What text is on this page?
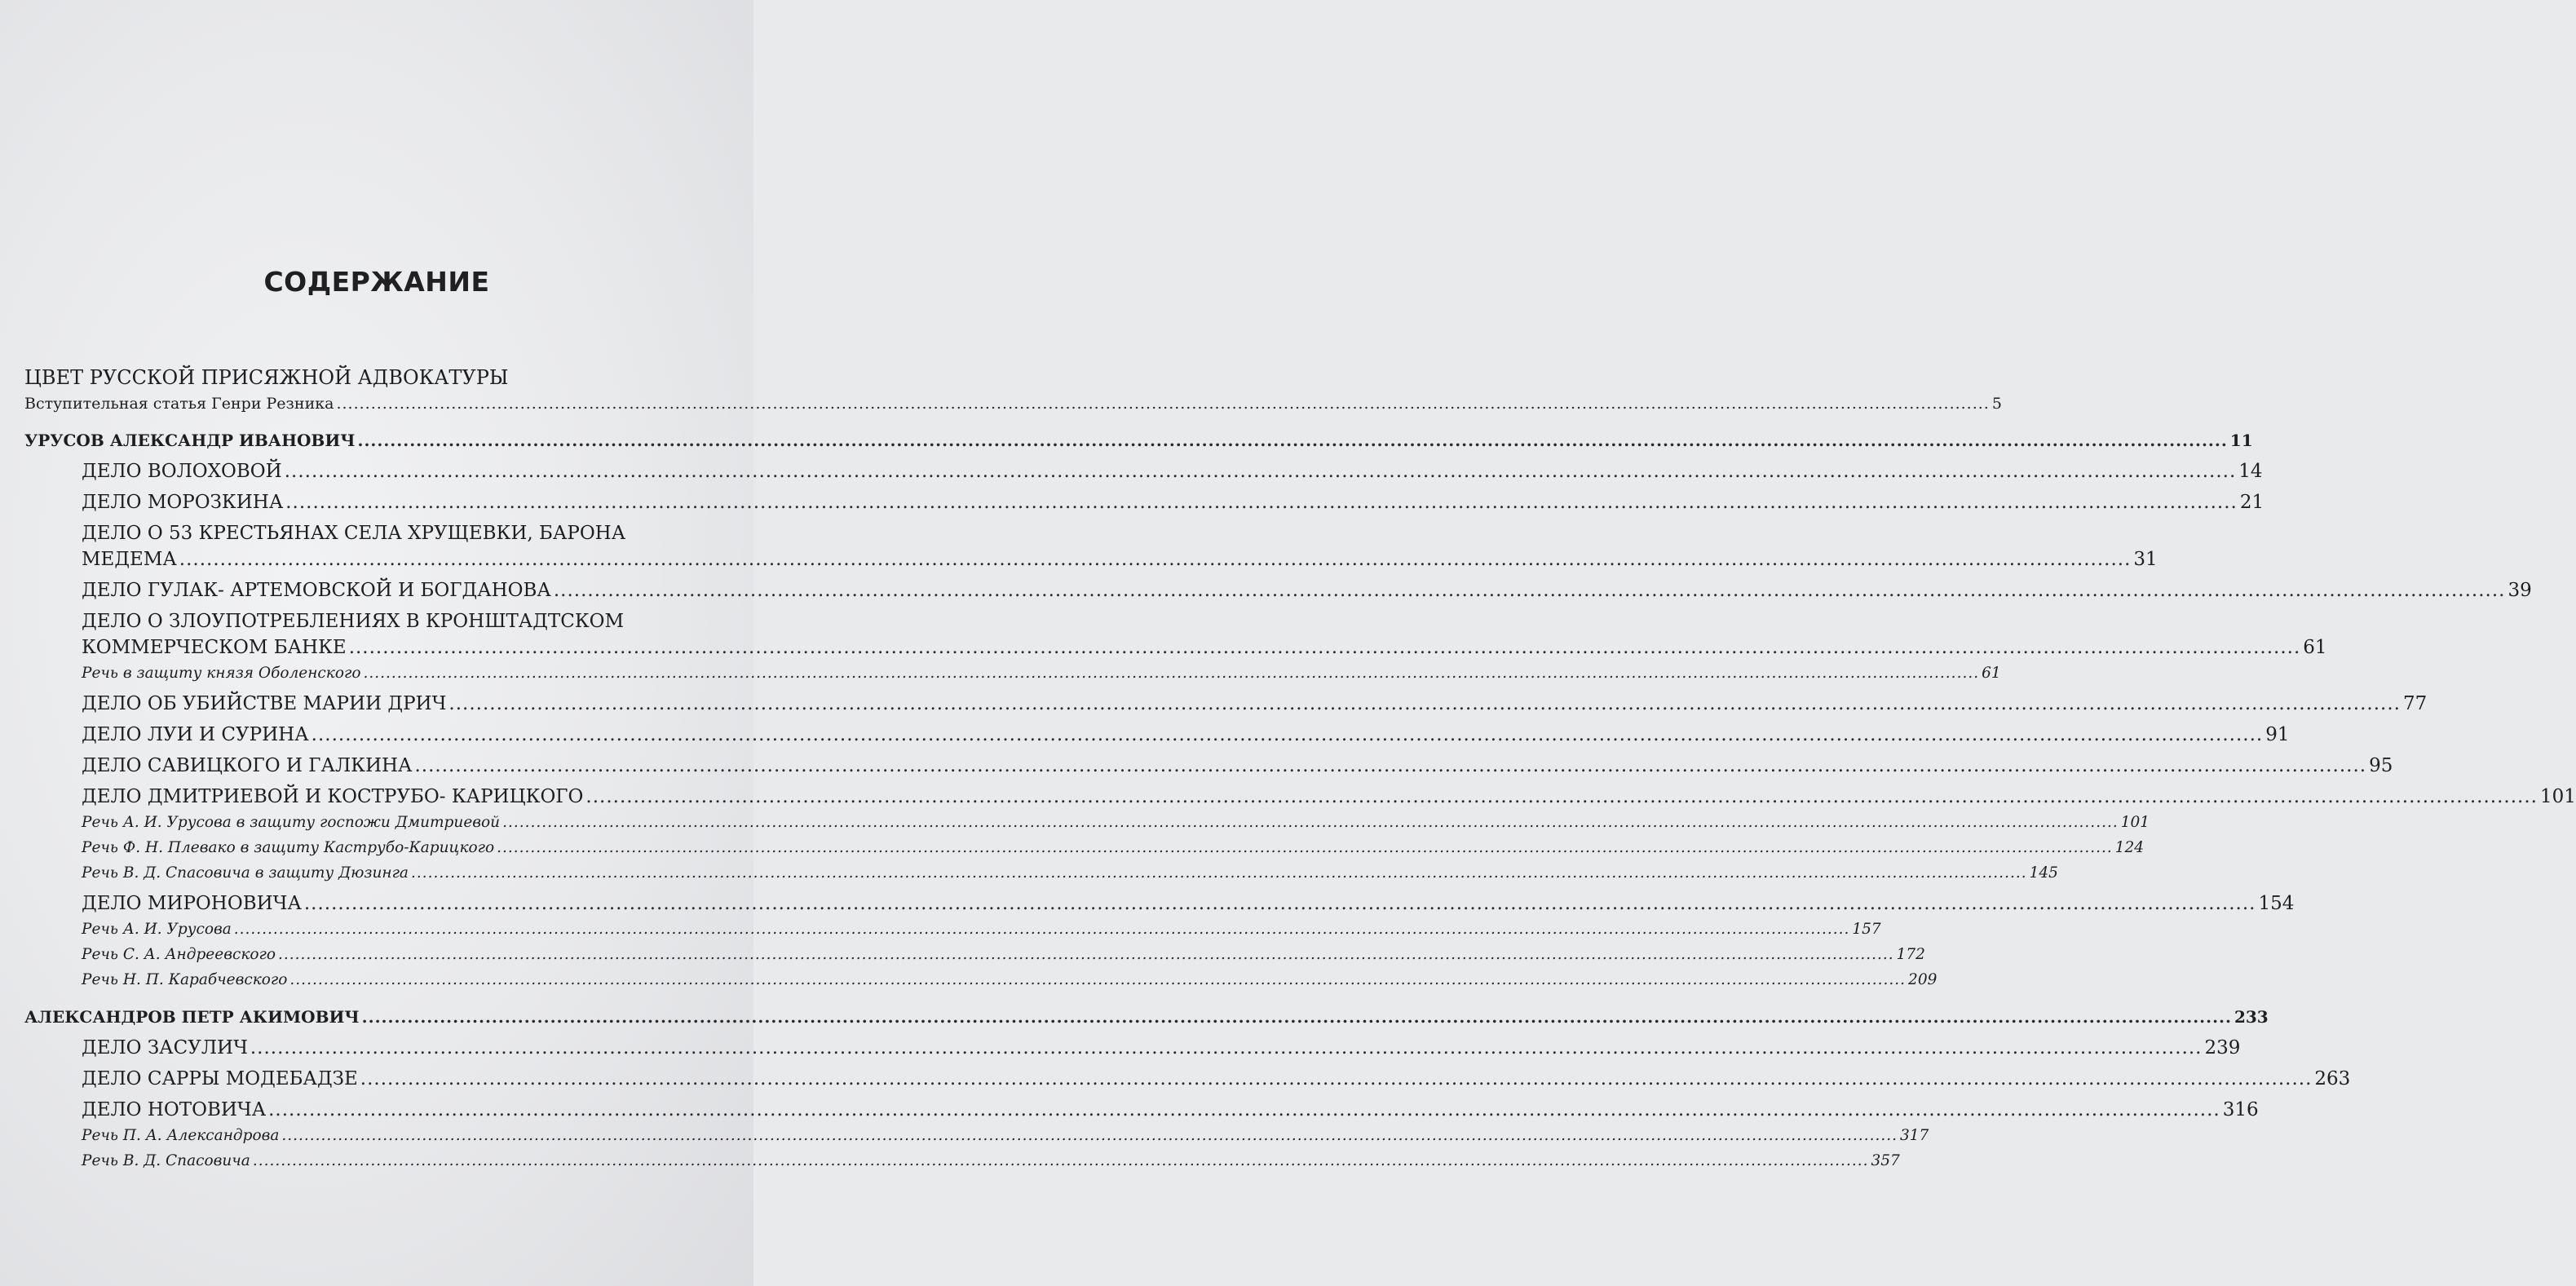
СОДЕРЖАНИЕ
ЦВЕТ РУССКОЙ ПРИСЯЖНОЙ АДВОКАТУРЫ
Вступительная статья Генри Резника .....	5
УРУСОВ АЛЕКСАНДР ИВАНОВИЧ .....	11
ДЕЛО ВОЛОХОВОЙ .....	14
ДЕЛО МОРОЗКИНА .....	21
ДЕЛО О 53 КРЕСТЬЯНАХ СЕЛА ХРУЩЕВКИ, БАРОНА
МЕДЕМА .....	31
ДЕЛО ГУЛАК- АРТЕМОВСКОЙ И БОГДАНОВА .....	39
ДЕЛО О ЗЛОУПОТРЕБЛЕНИЯХ В КРОНШТАДТСКОМ
КОММЕРЧЕСКОМ БАНКЕ .....	61
Речь в защиту князя Оболенского .....	61
ДЕЛО ОБ УБИЙСТВЕ МАРИИ ДРИЧ .....	77
ДЕЛО ЛУИ И СУРИНА .....	91
ДЕЛО САВИЦКОГО И ГАЛКИНА .....	95
ДЕЛО ДМИТРИЕВОЙ И КОСТРУБО- КАРИЦКОГО .....	101
Речь А. И. Урусова в защиту госпожи Дмитриевой .....	101
Речь Ф. Н. Плевако в защиту Каструбо-Карицкого .....	124
Речь В. Д. Спасовича в защиту Дюзинга .....	145
ДЕЛО МИРОНОВИЧА .....	154
Речь А. И. Урусова .....	157
Речь С. А. Андреевского .....	172
Речь Н. П. Карабчевского .....	209
АЛЕКСАНДРОВ ПЕТР АКИМОВИЧ .....	233
ДЕЛО ЗАСУЛИЧ .....	239
ДЕЛО САРРЫ МОДЕБАДЗЕ .....	263
ДЕЛО НОТОВИЧА .....	316
Речь П. А. Александрова .....	317
Речь В. Д. Спасовича .....	357
